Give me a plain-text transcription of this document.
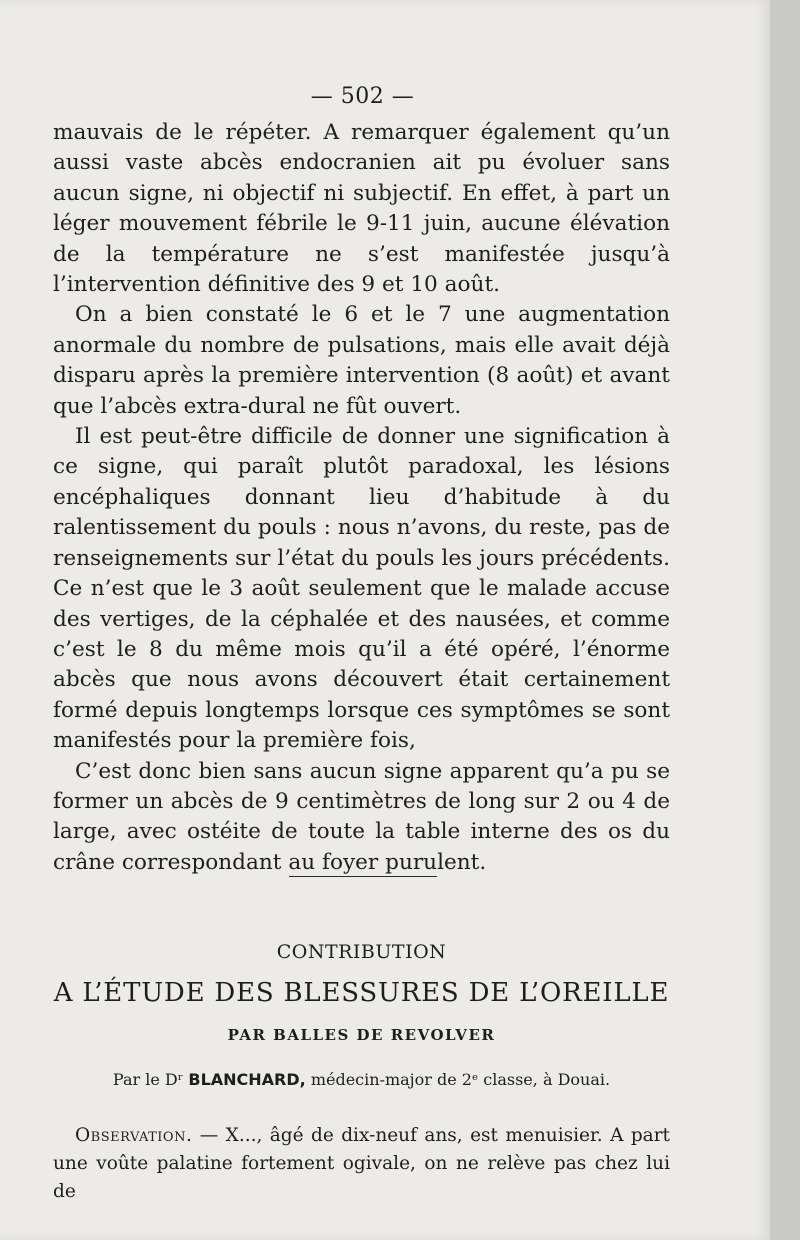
— 502 —

mauvais de le répéter. A remarquer également qu’un aussi vaste abcès endocranien ait pu évoluer sans aucun signe, ni objectif ni subjectif. En effet, à part un léger mouvement fébrile le 9-11 juin, aucune élévation de la température ne s’est manifestée jusqu’à l’intervention définitive des 9 et 10 août.

On a bien constaté le 6 et le 7 une augmentation anormale du nombre de pulsations, mais elle avait déjà disparu après la première intervention (8 août) et avant que l’abcès extra-dural ne fût ouvert.

Il est peut-être difficile de donner une signification à ce signe, qui paraît plutôt paradoxal, les lésions encéphaliques donnant lieu d’habitude à du ralentissement du pouls : nous n’avons, du reste, pas de renseignements sur l’état du pouls les jours précédents. Ce n’est que le 3 août seulement que le malade accuse des vertiges, de la céphalée et des nausées, et comme c’est le 8 du même mois qu’il a été opéré, l’énorme abcès que nous avons découvert était certainement formé depuis longtemps lorsque ces symptômes se sont manifestés pour la première fois,

C’est donc bien sans aucun signe apparent qu’a pu se former un abcès de 9 centimètres de long sur 2 ou 4 de large, avec ostéite de toute la table interne des os du crâne correspondant au foyer purulent.

CONTRIBUTION
A L’ÉTUDE DES BLESSURES DE L’OREILLE
PAR BALLES DE REVOLVER
Par le Dʳ BLANCHARD, médecin-major de 2ᵉ classe, à Douai.

Observation. — X..., âgé de dix-neuf ans, est menuisier. A part une voûte palatine fortement ogivale, on ne relève pas chez lui de
